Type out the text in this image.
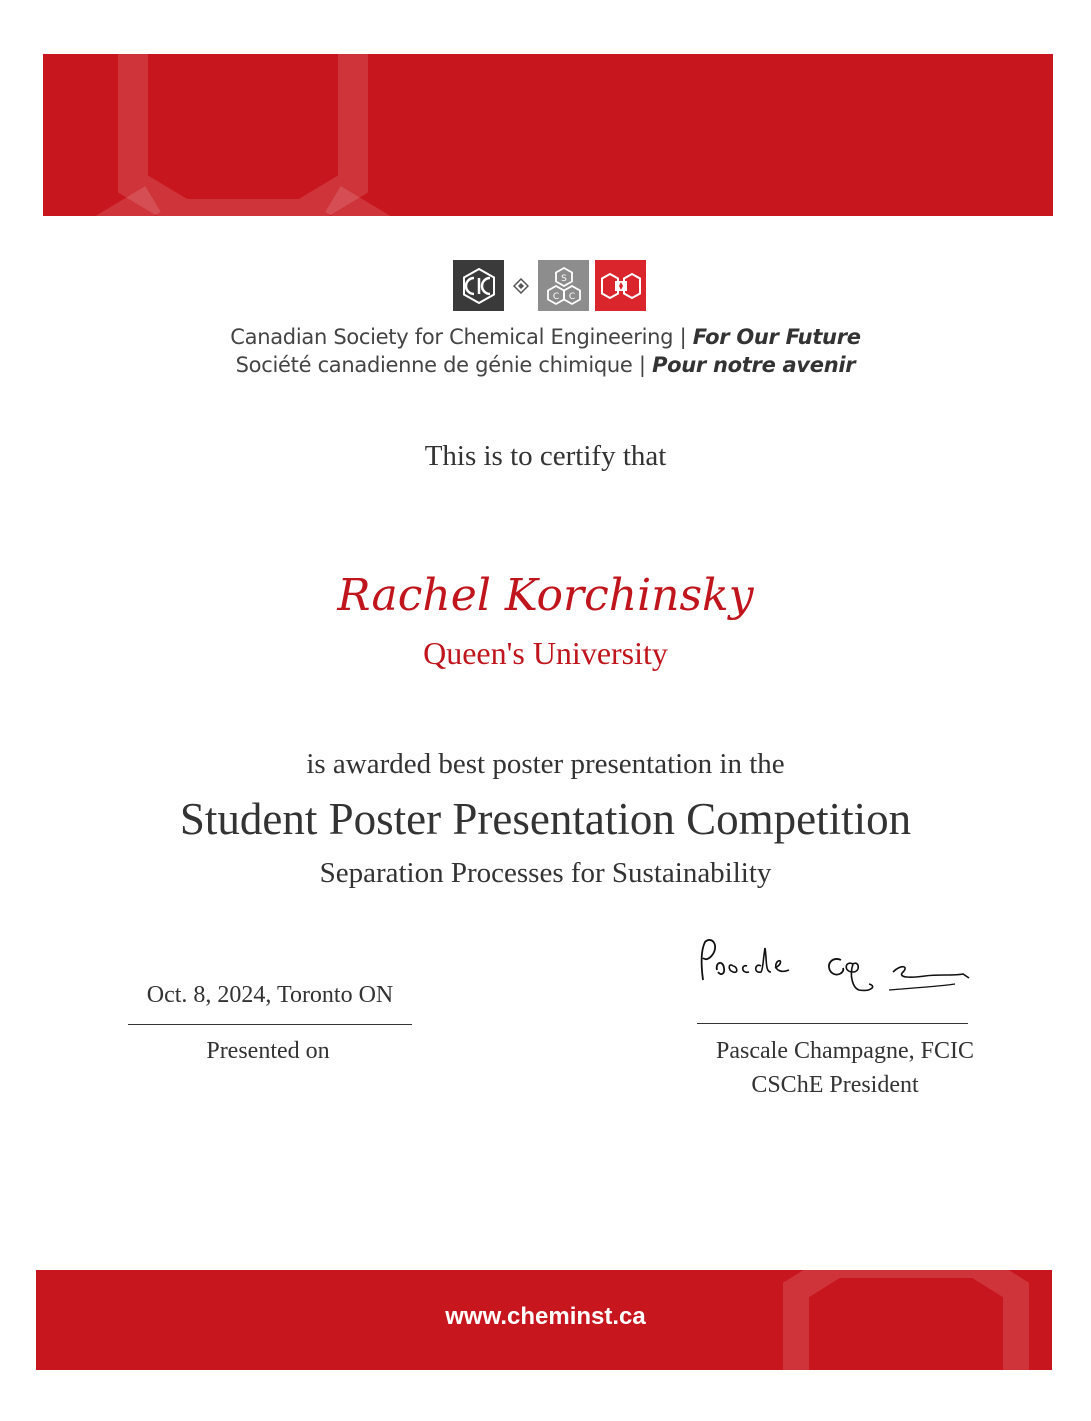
S
C C
Canadian Society for Chemical Engineering | For Our Future
Société canadienne de génie chimique | Pour notre avenir
This is to certify that
Rachel Korchinsky
Queen's University
is awarded best poster presentation in the
Student Poster Presentation Competition
Separation Processes for Sustainability
Oct. 8, 2024, Toronto ON
Presented on	Pascale Champagne, FCIC
CSChE President
www.cheminst.ca
